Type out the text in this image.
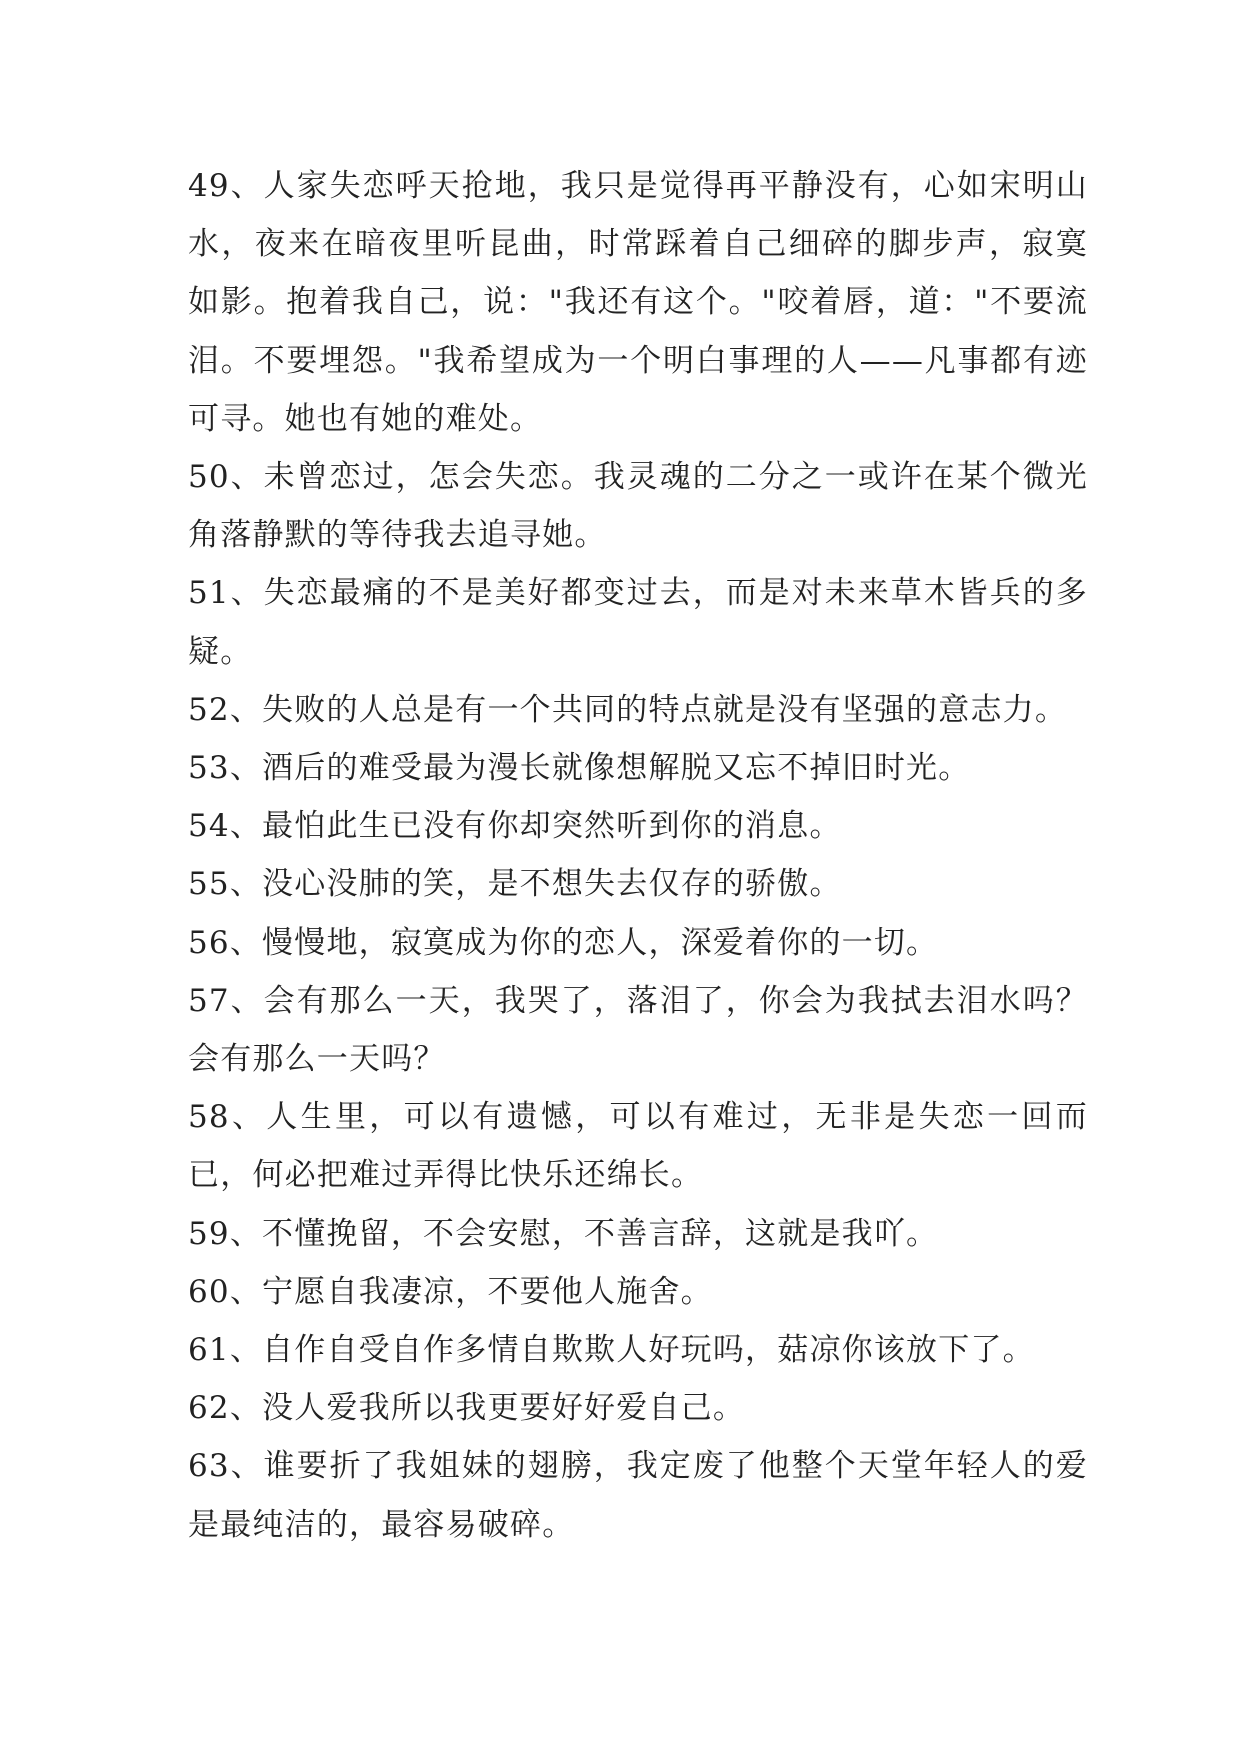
49、人家失恋呼天抢地，我只是觉得再平静没有，心如宋明山水，夜来在暗夜里听昆曲，时常踩着自己细碎的脚步声，寂寞如影。抱着我自己，说："我还有这个。"咬着唇，道："不要流泪。不要埋怨。"我希望成为一个明白事理的人——凡事都有迹可寻。她也有她的难处。

50、未曾恋过，怎会失恋。我灵魂的二分之一或许在某个微光角落静默的等待我去追寻她。

51、失恋最痛的不是美好都变过去，而是对未来草木皆兵的多疑。

52、失败的人总是有一个共同的特点就是没有坚强的意志力。

53、酒后的难受最为漫长就像想解脱又忘不掉旧时光。

54、最怕此生已没有你却突然听到你的消息。

55、没心没肺的笑，是不想失去仅存的骄傲。

56、慢慢地，寂寞成为你的恋人，深爱着你的一切。

57、会有那么一天，我哭了，落泪了，你会为我拭去泪水吗？会有那么一天吗？

58、人生里，可以有遗憾，可以有难过，无非是失恋一回而已，何必把难过弄得比快乐还绵长。

59、不懂挽留，不会安慰，不善言辞，这就是我吖。

60、宁愿自我凄凉，不要他人施舍。

61、自作自受自作多情自欺欺人好玩吗，菇凉你该放下了。

62、没人爱我所以我更要好好爱自己。

63、谁要折了我姐妹的翅膀，我定废了他整个天堂年轻人的爱是最纯洁的，最容易破碎。
